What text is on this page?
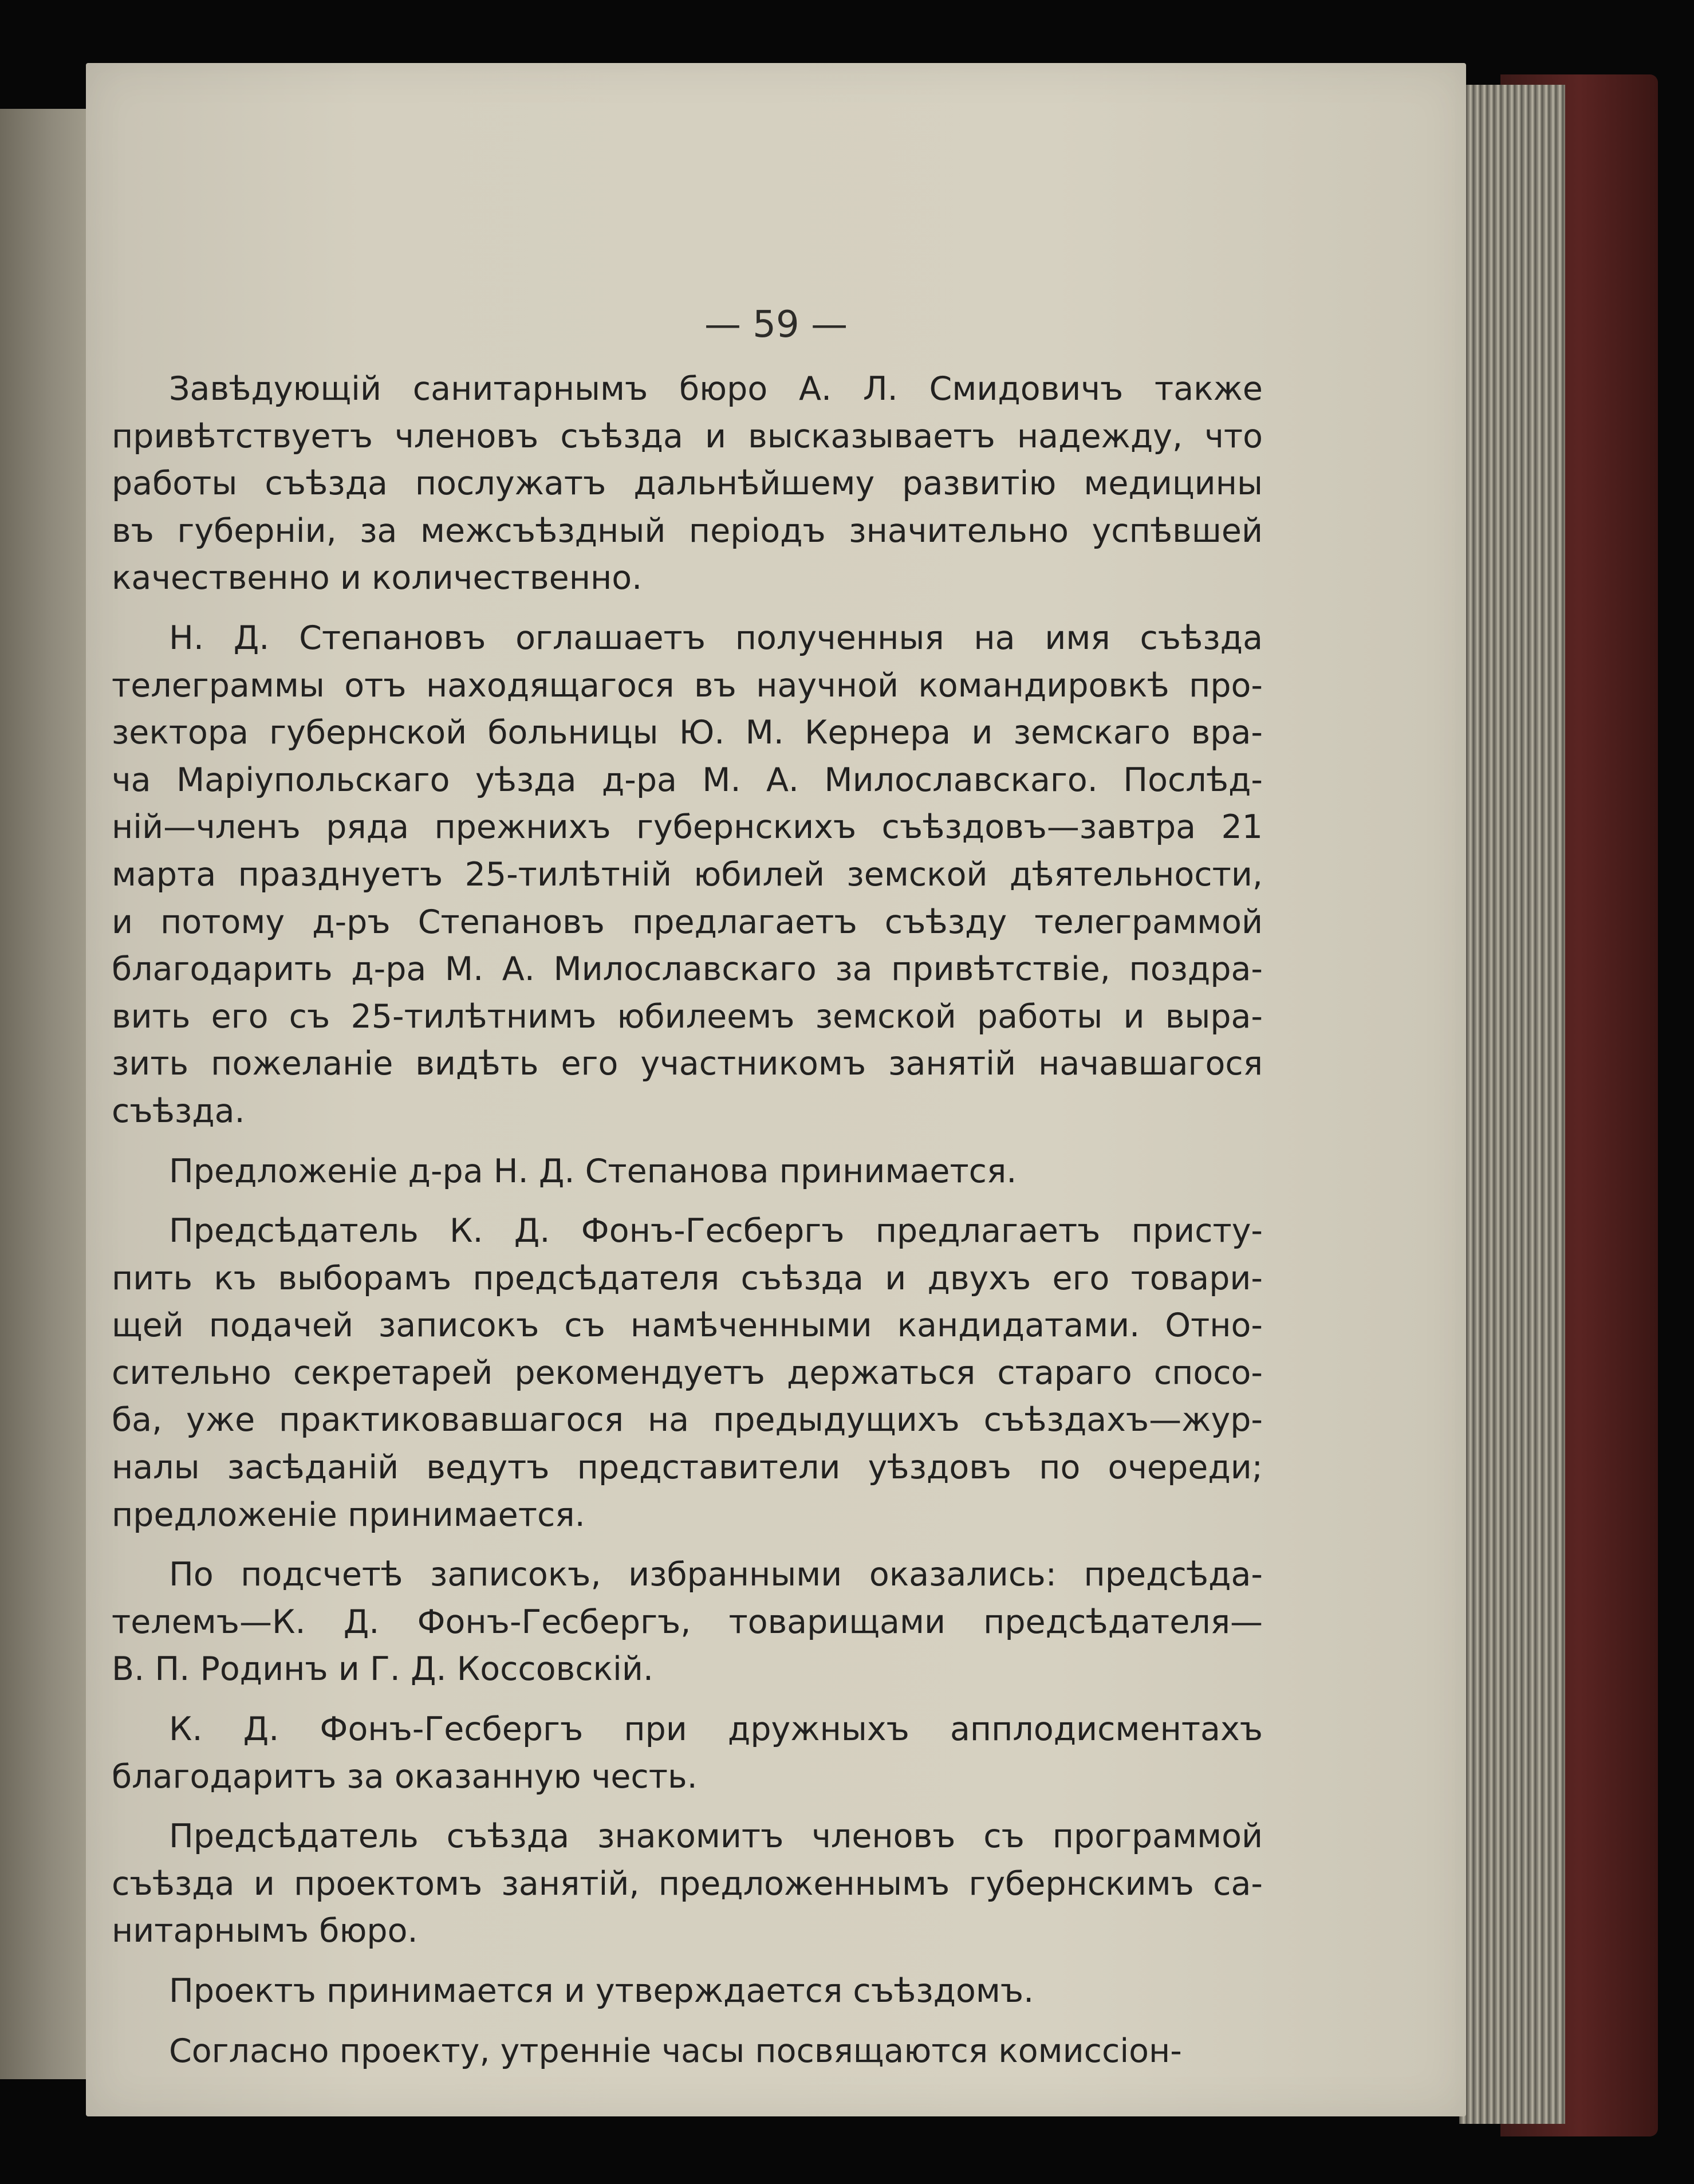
— 59 —
Завѣдующій санитарнымъ бюро А. Л. Смидовичъ также
привѣтствуетъ членовъ съѣзда и высказываетъ надежду, что
работы съѣзда послужатъ дальнѣйшему развитію медицины
въ губерніи, за межсъѣздный періодъ значительно успѣвшей
качественно и количественно.
Н. Д. Степановъ оглашаетъ полученныя на имя съѣзда
телеграммы отъ находящагося въ научной командировкѣ про-
зектора губернской больницы Ю. М. Кернера и земскаго вра-
ча Маріупольскаго уѣзда д-ра М. А. Милославскаго. Послѣд-
ній—членъ ряда прежнихъ губернскихъ съѣздовъ—завтра 21
марта празднуетъ 25-тилѣтній юбилей земской дѣятельности,
и потому д-ръ Степановъ предлагаетъ съѣзду телеграммой
благодарить д-ра М. А. Милославскаго за привѣтствіе, поздра-
вить его съ 25-тилѣтнимъ юбилеемъ земской работы и выра-
зить пожеланіе видѣть его участникомъ занятій начавшагося
съѣзда.
Предложеніе д-ра Н. Д. Степанова принимается.
Предсѣдатель К. Д. Фонъ-Гесбергъ предлагаетъ присту-
пить къ выборамъ предсѣдателя съѣзда и двухъ его товари-
щей подачей записокъ съ намѣченными кандидатами. Отно-
сительно секретарей рекомендуетъ держаться стараго спосо-
ба, уже практиковавшагося на предыдущихъ съѣздахъ—жур-
налы засѣданій ведутъ представители уѣздовъ по очереди;
предложеніе принимается.
По подсчетѣ записокъ, избранными оказались: предсѣда-
телемъ—К. Д. Фонъ-Гесбергъ, товарищами предсѣдателя—
В. П. Родинъ и Г. Д. Коссовскій.
К. Д. Фонъ-Гесбергъ при дружныхъ апплодисментахъ
благодаритъ за оказанную честь.
Предсѣдатель съѣзда знакомитъ членовъ съ программой
съѣзда и проектомъ занятій, предложеннымъ губернскимъ са-
нитарнымъ бюро.
Проектъ принимается и утверждается съѣздомъ.
Согласно проекту, утренніе часы посвящаются комиссіон-
